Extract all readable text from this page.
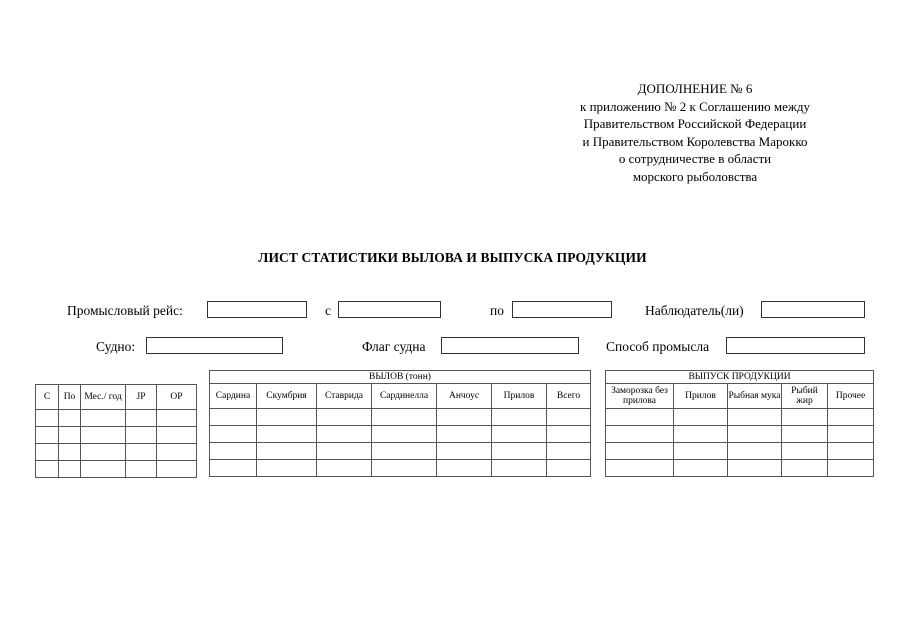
ДОПОЛНЕНИЕ № 6
к приложению № 2 к Соглашению между
Правительством Российской Федерации
и Правительством Королевства Марокко
о сотрудничестве в области
морского рыболовства
ЛИСТ СТАТИСТИКИ ВЫЛОВА И ВЫПУСКА ПРОДУКЦИИ
Промысловый рейс:	с	по	Наблюдатель(ли)
Судно:	Флаг судна	Способ промысла
С	По	Мес./ год	JP	OP

ВЫЛОВ (тонн)						
Сардина	Скумбрия	Ставрида	Сардинелла	Анчоус	Прилов	Всего

ВЫПУСК ПРОДУКЦИИ				
Заморозка без прилова	Прилов	Рыбная мука	Рыбий жир	Прочее
